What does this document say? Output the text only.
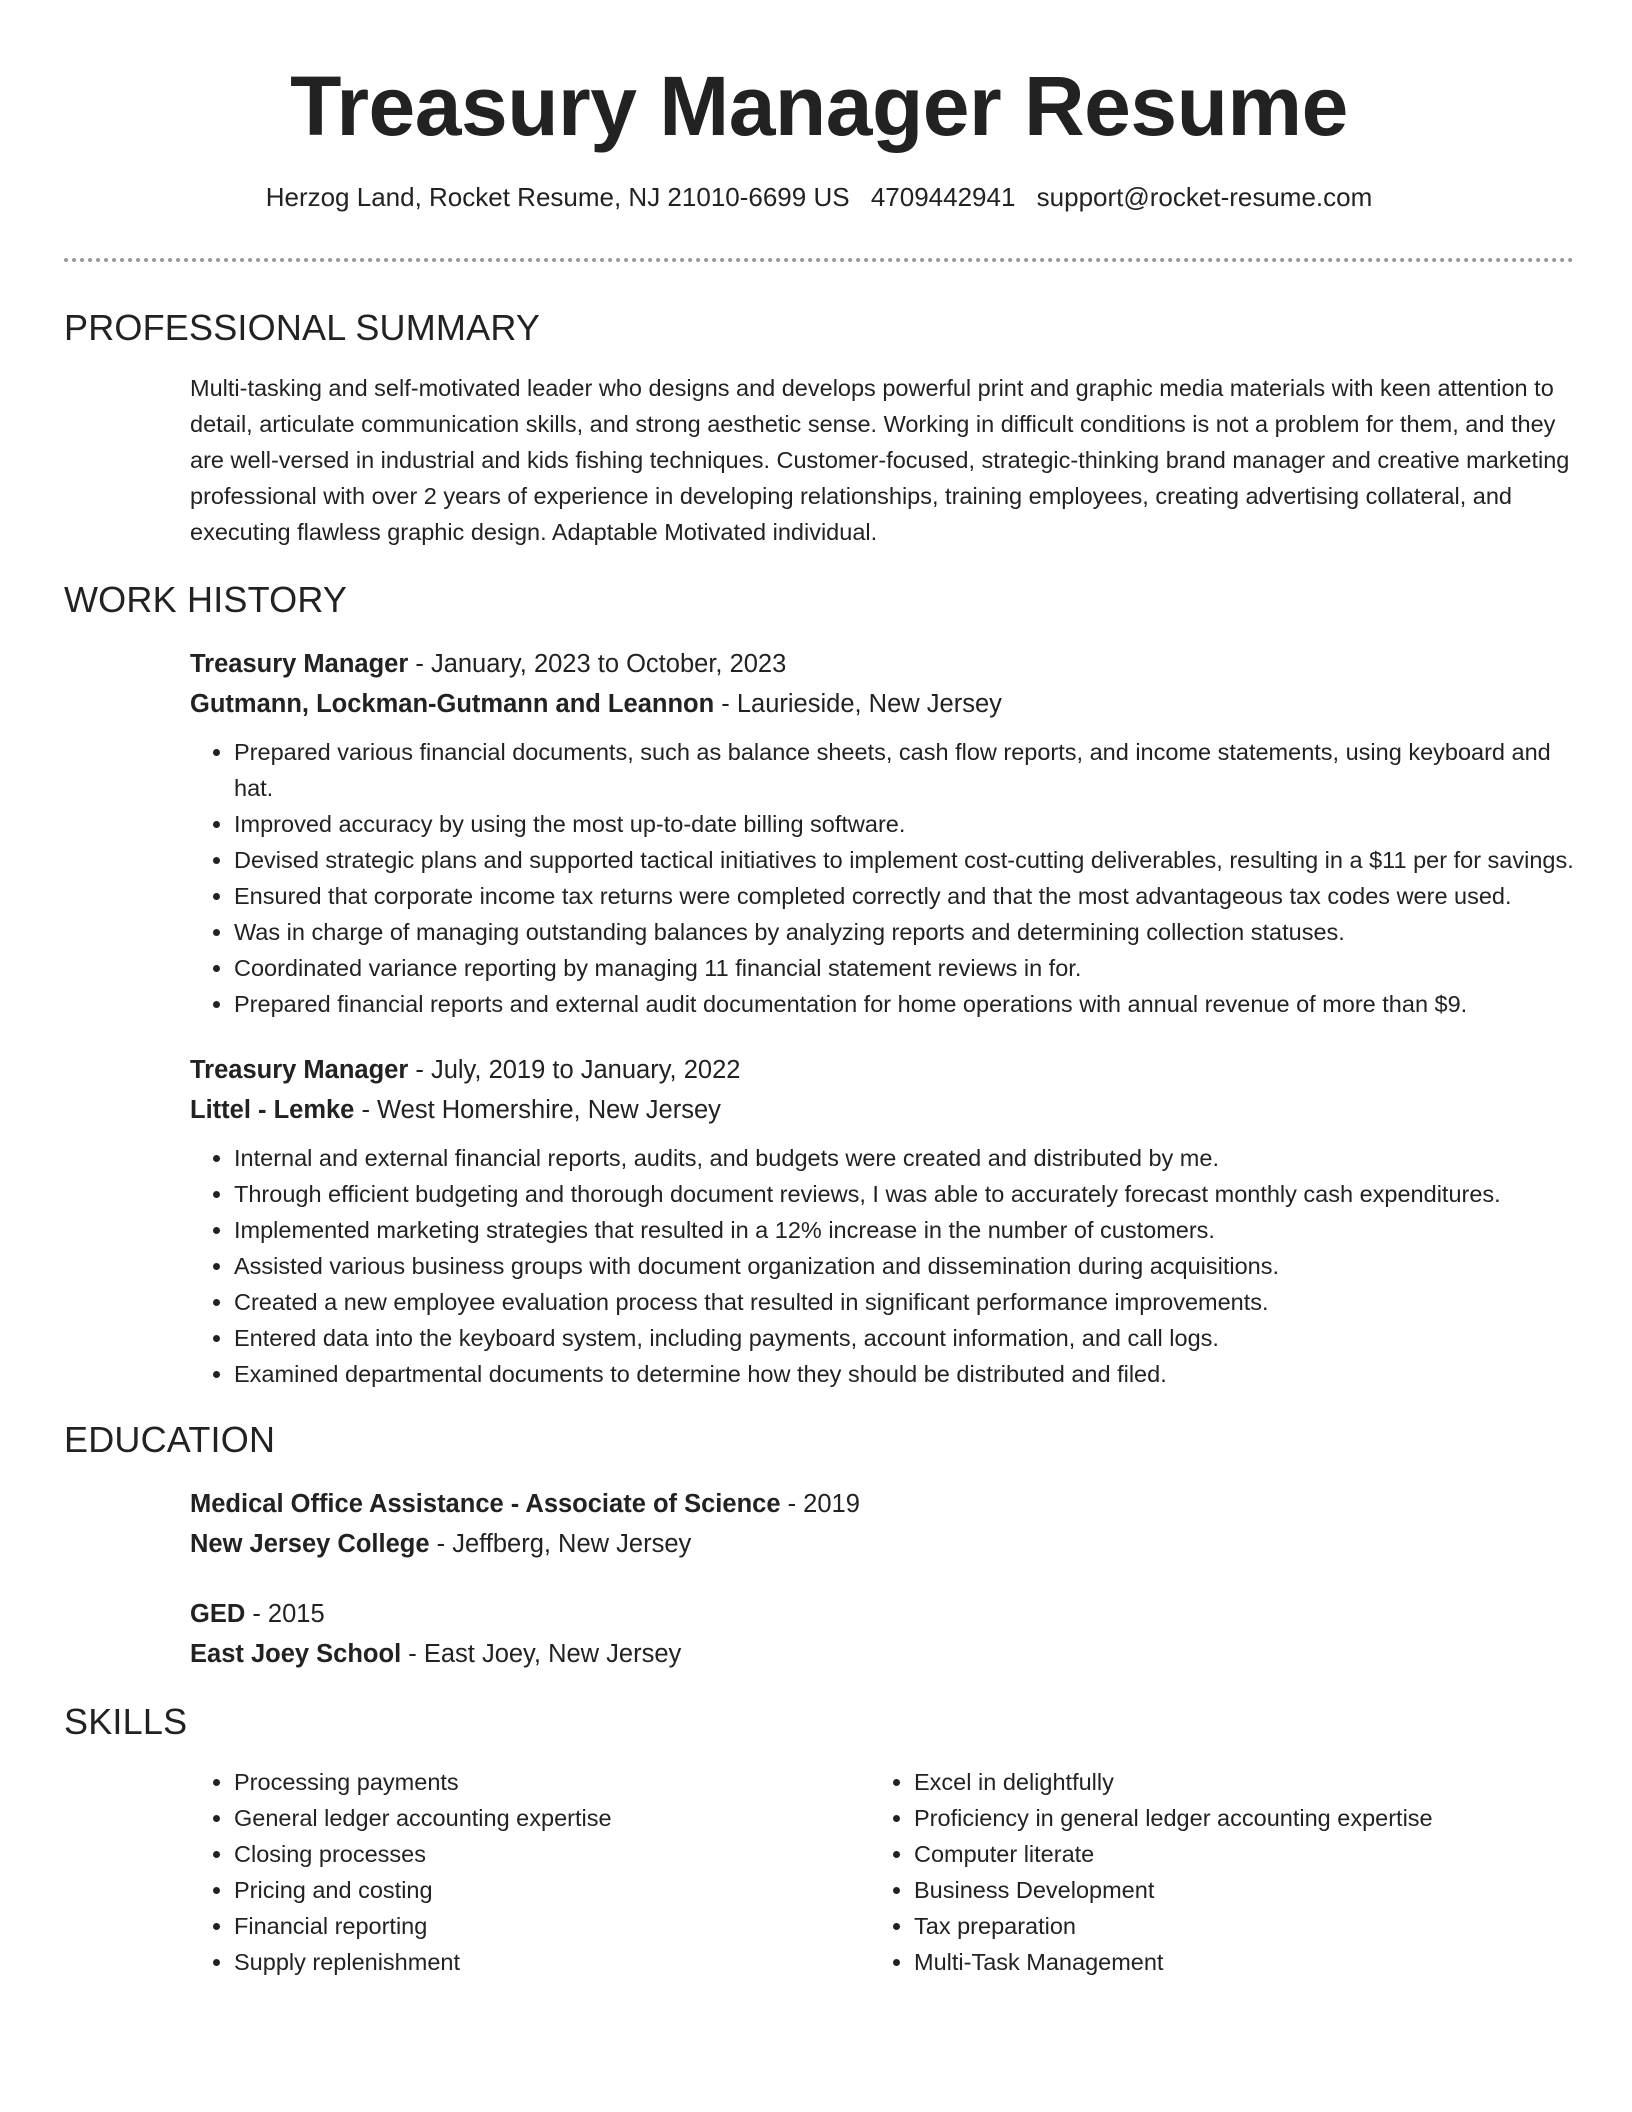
Treasury Manager Resume
Herzog Land, Rocket Resume, NJ 21010-6699 US 4709442941 support@rocket-resume.com
PROFESSIONAL SUMMARY

Multi-tasking and self-motivated leader who designs and develops powerful print and graphic media materials with keen attention to detail, articulate communication skills, and strong aesthetic sense. Working in difficult conditions is not a problem for them, and they are well-versed in industrial and kids fishing techniques. Customer-focused, strategic-thinking brand manager and creative marketing professional with over 2 years of experience in developing relationships, training employees, creating advertising collateral, and executing flawless graphic design. Adaptable Motivated individual.

WORK HISTORY
Treasury Manager - January, 2023 to October, 2023
Gutmann, Lockman-Gutmann and Leannon - Laurieside, New Jersey
• Prepared various financial documents, such as balance sheets, cash flow reports, and income statements, using keyboard and hat.
• Improved accuracy by using the most up-to-date billing software.
• Devised strategic plans and supported tactical initiatives to implement cost-cutting deliverables, resulting in a $11 per for savings.
• Ensured that corporate income tax returns were completed correctly and that the most advantageous tax codes were used.
• Was in charge of managing outstanding balances by analyzing reports and determining collection statuses.
• Coordinated variance reporting by managing 11 financial statement reviews in for.
• Prepared financial reports and external audit documentation for home operations with annual revenue of more than $9.
Treasury Manager - July, 2019 to January, 2022
Littel - Lemke - West Homershire, New Jersey
• Internal and external financial reports, audits, and budgets were created and distributed by me.
• Through efficient budgeting and thorough document reviews, I was able to accurately forecast monthly cash expenditures.
• Implemented marketing strategies that resulted in a 12% increase in the number of customers.
• Assisted various business groups with document organization and dissemination during acquisitions.
• Created a new employee evaluation process that resulted in significant performance improvements.
• Entered data into the keyboard system, including payments, account information, and call logs.
• Examined departmental documents to determine how they should be distributed and filed.
EDUCATION
Medical Office Assistance - Associate of Science - 2019
New Jersey College - Jeffberg, New Jersey
GED - 2015
East Joey School - East Joey, New Jersey
SKILLS
• Processing payments
• General ledger accounting expertise
• Closing processes
• Pricing and costing
• Financial reporting
• Supply replenishment
• Excel in delightfully
• Proficiency in general ledger accounting expertise
• Computer literate
• Business Development
• Tax preparation
• Multi-Task Management
